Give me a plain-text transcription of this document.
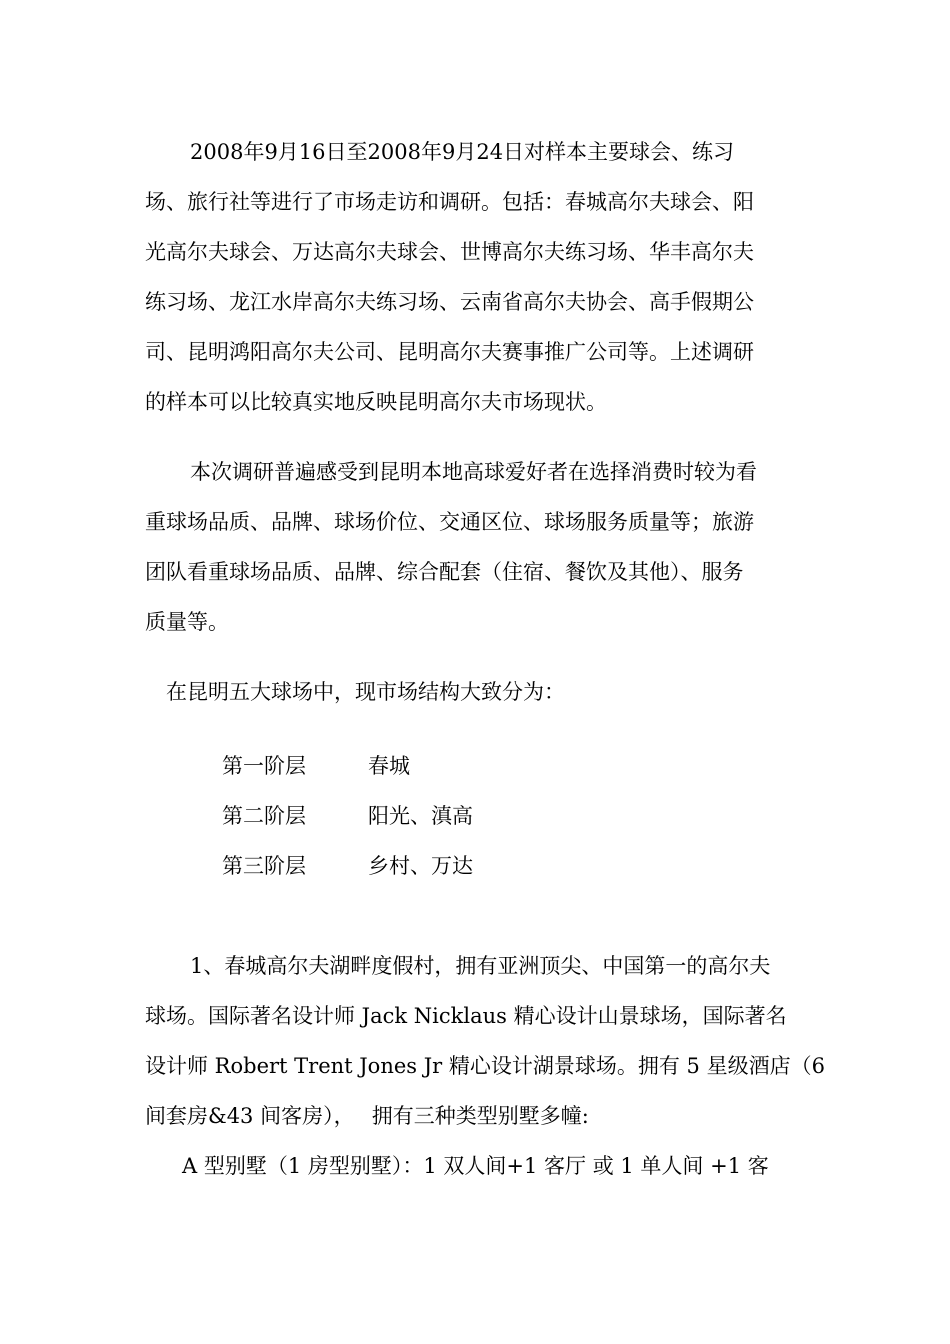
2008年9月16日至2008年9月24日对样本主要球会、练习
场、旅行社等进行了市场走访和调研。包括：春城高尔夫球会、阳
光高尔夫球会、万达高尔夫球会、世博高尔夫练习场、华丰高尔夫
练习场、龙江水岸高尔夫练习场、云南省高尔夫协会、高手假期公
司、昆明鸿阳高尔夫公司、昆明高尔夫赛事推广公司等。上述调研
的样本可以比较真实地反映昆明高尔夫市场现状。
本次调研普遍感受到昆明本地高球爱好者在选择消费时较为看
重球场品质、品牌、球场价位、交通区位、球场服务质量等；旅游
团队看重球场品质、品牌、综合配套（住宿、餐饮及其他）、服务
质量等。
在昆明五大球场中，现市场结构大致分为：
第一阶层	春城
第二阶层	阳光、滇高
第三阶层	乡村、万达
1、春城高尔夫湖畔度假村，拥有亚洲顶尖、中国第一的高尔夫
球场。国际著名设计师 Jack Nicklaus 精心设计山景球场，国际著名
设计师 Robert Trent Jones Jr 精心设计湖景球场。拥有 5 星级酒店（6
间套房&43 间客房），　 拥有三种类型别墅多幢:
A 型别墅（1 房型别墅）：1 双人间+1 客厅 或 1 单人间 +1 客
